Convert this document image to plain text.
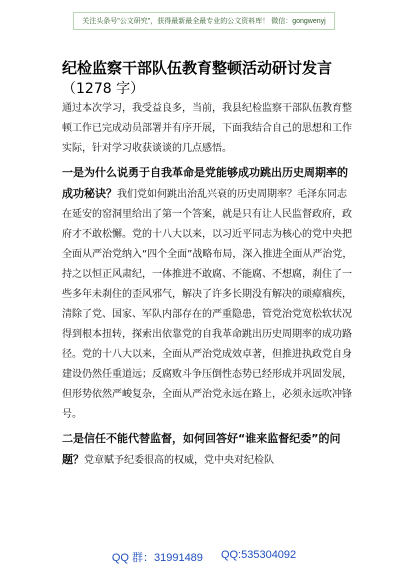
关注头条号"公文研究"，获得最新最全最专业的公文资料库！ 微信：gongwenyj
纪检监察干部队伍教育整顿活动研讨发言
（1278 字）

通过本次学习，我受益良多，当前，我县纪检监察干部队伍教育整顿工作已完成动员部署并有序开展，下面我结合自己的思想和工作实际，针对学习收获谈谈的几点感悟。

一是为什么说勇于自我革命是党能够成功跳出历史周期率的成功秘诀？我们党如何跳出治乱兴衰的历史周期率？毛泽东同志在延安的窑洞里给出了第一个答案，就是只有让人民监督政府，政府才不敢松懈。党的十八大以来，以习近平同志为核心的党中央把全面从严治党纳入“四个全面”战略布局，深入推进全面从严治党，持之以恒正风肃纪，一体推进不敢腐、不能腐、不想腐，刹住了一些多年未刹住的歪风邪气，解决了许多长期没有解决的顽瘴痼疾，清除了党、国家、军队内部存在的严重隐患，管党治党宽松软状况得到根本扭转，探索出依靠党的自我革命跳出历史周期率的成功路径。党的十八大以来，全面从严治党成效卓著，但推进执政党自身建设仍然任重道远；反腐败斗争压倒性态势已经形成并巩固发展，但形势依然严峻复杂，全面从严治党永远在路上，必须永远吹冲锋号。

二是信任不能代替监督，如何回答好“谁来监督纪委”的问题？党章赋予纪委很高的权威，党中央对纪检队

QQ 群：31991489 QQ:535304092
